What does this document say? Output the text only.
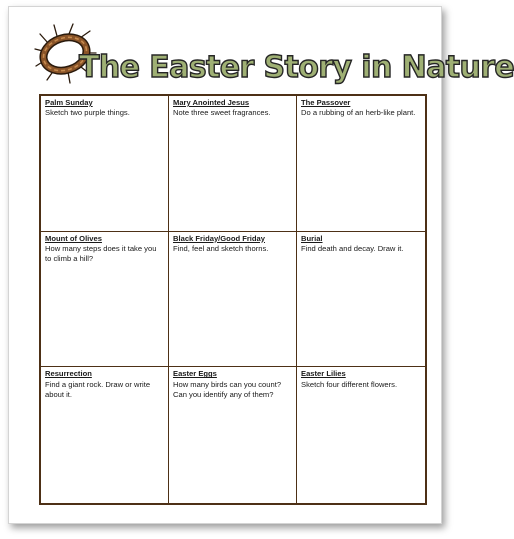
The Easter Story in Nature
Palm Sunday
Sketch two purple things.
Mary Anointed Jesus
Note three sweet fragrances.
The Passover
Do a rubbing of an herb-like plant.
Mount of Olives
How many steps does it take you to climb a hill?
Black Friday/Good Friday
Find, feel and sketch thorns.
Burial
Find death and decay. Draw it.
Resurrection
Find a giant rock. Draw or write about it.
Easter Eggs
How many birds can you count? Can you identify any of them?
Easter Lilies
Sketch four different flowers.
